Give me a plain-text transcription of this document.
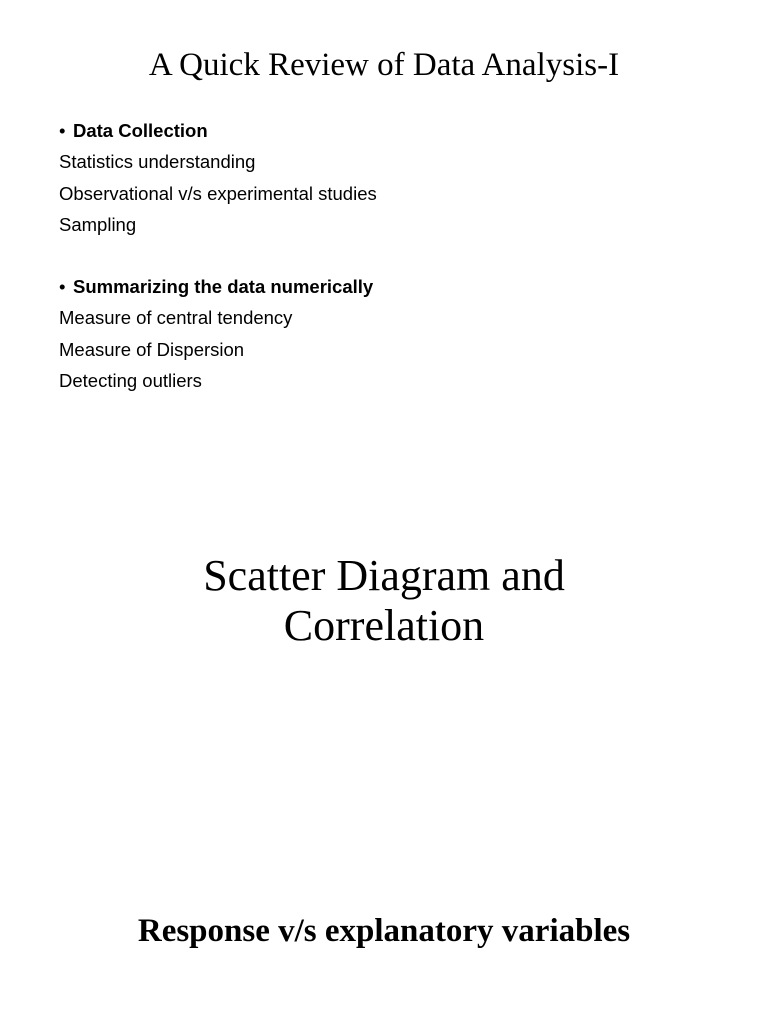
A Quick Review of Data Analysis-I
• Data Collection
Statistics understanding
Observational v/s experimental studies
Sampling
• Summarizing the data numerically
Measure of central tendency
Measure of Dispersion
Detecting outliers
Scatter Diagram and
Correlation
Response v/s explanatory variables
